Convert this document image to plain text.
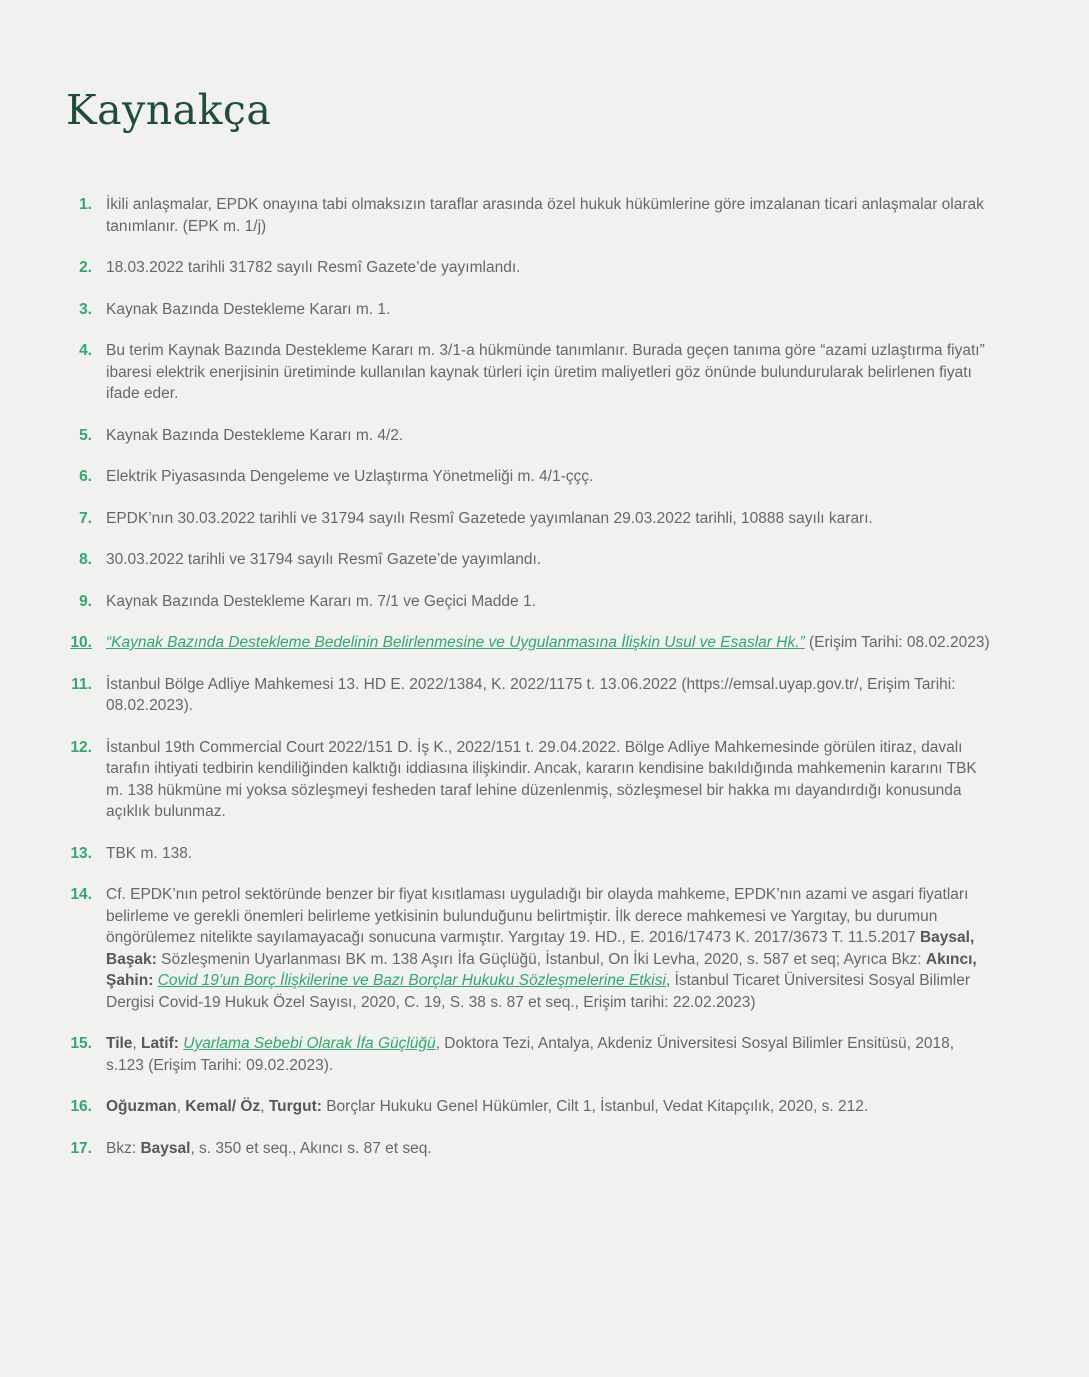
Kaynakça
1. İkili anlaşmalar, EPDK onayına tabi olmaksızın taraflar arasında özel hukuk hükümlerine göre imzalanan ticari anlaşmalar olarak tanımlanır. (EPK m. 1/j)

2. 18.03.2022 tarihli 31782 sayılı Resmî Gazete’de yayımlandı.

3. Kaynak Bazında Destekleme Kararı m. 1.

4. Bu terim Kaynak Bazında Destekleme Kararı m. 3/1-a hükmünde tanımlanır. Burada geçen tanıma göre “azami uzlaştırma fiyatı” ibaresi elektrik enerjisinin üretiminde kullanılan kaynak türleri için üretim maliyetleri göz önünde bulundurularak belirlenen fiyatı ifade eder.

5. Kaynak Bazında Destekleme Kararı m. 4/2.

6. Elektrik Piyasasında Dengeleme ve Uzlaştırma Yönetmeliği m. 4/1-ççç.

7. EPDK’nın 30.03.2022 tarihli ve 31794 sayılı Resmî Gazetede yayımlanan 29.03.2022 tarihli, 10888 sayılı kararı.

8. 30.03.2022 tarihli ve 31794 sayılı Resmî Gazete’de yayımlandı.

9. Kaynak Bazında Destekleme Kararı m. 7/1 ve Geçici Madde 1.

10. “Kaynak Bazında Destekleme Bedelinin Belirlenmesine ve Uygulanmasına İlişkin Usul ve Esaslar Hk.” (Erişim Tarihi: 08.02.2023)

11. İstanbul Bölge Adliye Mahkemesi 13. HD E. 2022/1384, K. 2022/1175 t. 13.06.2022 (https://emsal.uyap.gov.tr/, Erişim Tarihi: 08.02.2023).

12. İstanbul 19th Commercial Court 2022/151 D. İş K., 2022/151 t. 29.04.2022. Bölge Adliye Mahkemesinde görülen itiraz, davalı tarafın ihtiyati tedbirin kendiliğinden kalktığı iddiasına ilişkindir. Ancak, kararın kendisine bakıldığında mahkemenin kararını TBK m. 138 hükmüne mi yoksa sözleşmeyi fesheden taraf lehine düzenlenmiş, sözleşmesel bir hakka mı dayandırdığı konusunda açıklık bulunmaz.

13. TBK m. 138.

14. Cf. EPDK’nın petrol sektöründe benzer bir fiyat kısıtlaması uyguladığı bir olayda mahkeme, EPDK’nın azami ve asgari fiyatları belirleme ve gerekli önemleri belirleme yetkisinin bulunduğunu belirtmiştir. İlk derece mahkemesi ve Yargıtay, bu durumun öngörülemez nitelikte sayılamayacağı sonucuna varmıştır. Yargıtay 19. HD., E. 2016/17473 K. 2017/3673 T. 11.5.2017 Baysal, Başak: Sözleşmenin Uyarlanması BK m. 138 Aşırı İfa Güçlüğü, İstanbul, On İki Levha, 2020, s. 587 et seq; Ayrıca Bkz: Akıncı, Şahin: Covid 19’un Borç İlişkilerine ve Bazı Borçlar Hukuku Sözleşmelerine Etkisi, İstanbul Ticaret Üniversitesi Sosyal Bilimler Dergisi Covid-19 Hukuk Özel Sayısı, 2020, C. 19, S. 38 s. 87 et seq., Erişim tarihi: 22.02.2023)

15. Tile, Latif: Uyarlama Sebebi Olarak İfa Güçlüğü, Doktora Tezi, Antalya, Akdeniz Üniversitesi Sosyal Bilimler Ensitüsü, 2018, s.123 (Erişim Tarihi: 09.02.2023).

16. Oğuzman, Kemal/ Öz, Turgut: Borçlar Hukuku Genel Hükümler, Cilt 1, İstanbul, Vedat Kitapçılık, 2020, s. 212.

17. Bkz: Baysal, s. 350 et seq., Akıncı s. 87 et seq.
